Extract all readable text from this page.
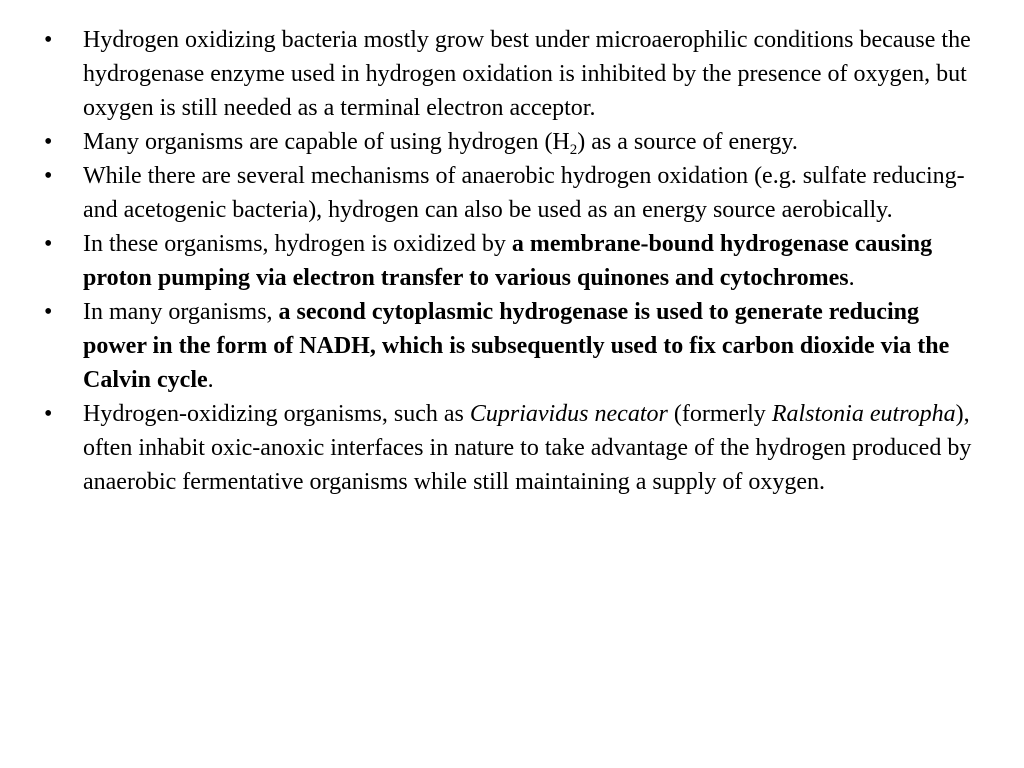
• Hydrogen oxidizing bacteria mostly grow best under microaerophilic conditions because the hydrogenase enzyme used in hydrogen oxidation is inhibited by the presence of oxygen, but oxygen is still needed as a terminal electron acceptor.
• Many organisms are capable of using hydrogen $(H_2)$ as a source of energy.
• While there are several mechanisms of anaerobic hydrogen oxidation (e.g. sulfate reducing- and acetogenic bacteria), hydrogen can also be used as an energy source aerobically.
• In these organisms, hydrogen is oxidized by a membrane-bound hydrogenase causing proton pumping via electron transfer to various quinones and cytochromes.
• In many organisms, a second cytoplasmic hydrogenase is used to generate reducing power in the form of NADH, which is subsequently used to fix carbon dioxide via the Calvin cycle.
• Hydrogen-oxidizing organisms, such as Cupriavidus necator (formerly Ralstonia eutropha), often inhabit oxic-anoxic interfaces in nature to take advantage of the hydrogen produced by anaerobic fermentative organisms while still maintaining a supply of oxygen.
